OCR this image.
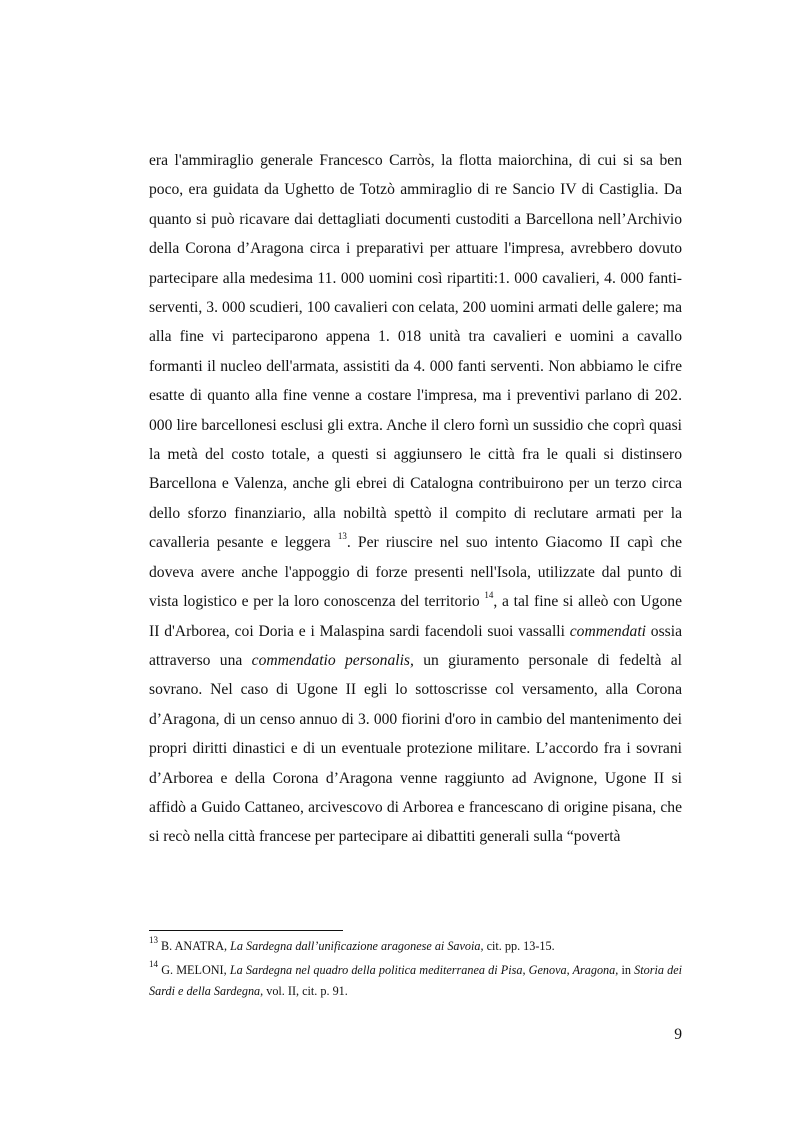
era l'ammiraglio generale Francesco Carròs, la flotta maiorchina, di cui si sa ben poco, era guidata da Ughetto de Totzò ammiraglio di re Sancio IV di Castiglia. Da quanto si può ricavare dai dettagliati documenti custoditi a Barcellona nell’Archivio della Corona d’Aragona circa i preparativi per attuare l'impresa, avrebbero dovuto partecipare alla medesima 11. 000 uomini così ripartiti:1. 000 cavalieri, 4. 000 fanti-serventi, 3. 000 scudieri, 100 cavalieri con celata, 200 uomini armati delle galere; ma alla fine vi parteciparono appena 1. 018 unità tra cavalieri e uomini a cavallo formanti il nucleo dell'armata, assistiti da 4. 000 fanti serventi. Non abbiamo le cifre esatte di quanto alla fine venne a costare l'impresa, ma i preventivi parlano di 202. 000 lire barcellonesi esclusi gli extra. Anche il clero fornì un sussidio che coprì quasi la metà del costo totale, a questi si aggiunsero le città fra le quali si distinsero Barcellona e Valenza, anche gli ebrei di Catalogna contribuirono per un terzo circa dello sforzo finanziario, alla nobiltà spettò il compito di reclutare armati per la cavalleria pesante e leggera $^{13}$. Per riuscire nel suo intento Giacomo II capì che doveva avere anche l'appoggio di forze presenti nell'Isola, utilizzate dal punto di vista logistico e per la loro conoscenza del territorio $^{14}$, a tal fine si alleò con Ugone II d'Arborea, coi Doria e i Malaspina sardi facendoli suoi vassalli commendati ossia attraverso una commendatio personalis, un giuramento personale di fedeltà al sovrano. Nel caso di Ugone II egli lo sottoscrisse col versamento, alla Corona d’Aragona, di un censo annuo di 3. 000 fiorini d'oro in cambio del mantenimento dei propri diritti dinastici e di un eventuale protezione militare. L’accordo fra i sovrani d’Arborea e della Corona d’Aragona venne raggiunto ad Avignone, Ugone II si affidò a Guido Cattaneo, arcivescovo di Arborea e francescano di origine pisana, che si recò nella città francese per partecipare ai dibattiti generali sulla “povertà

$^{13}$ B. ANATRA, La Sardegna dall’unificazione aragonese ai Savoia, cit. pp. 13-15.

$^{14}$ G. MELONI, La Sardegna nel quadro della politica mediterranea di Pisa, Genova, Aragona, in Storia dei Sardi e della Sardegna, vol. II, cit. p. 91.

9
